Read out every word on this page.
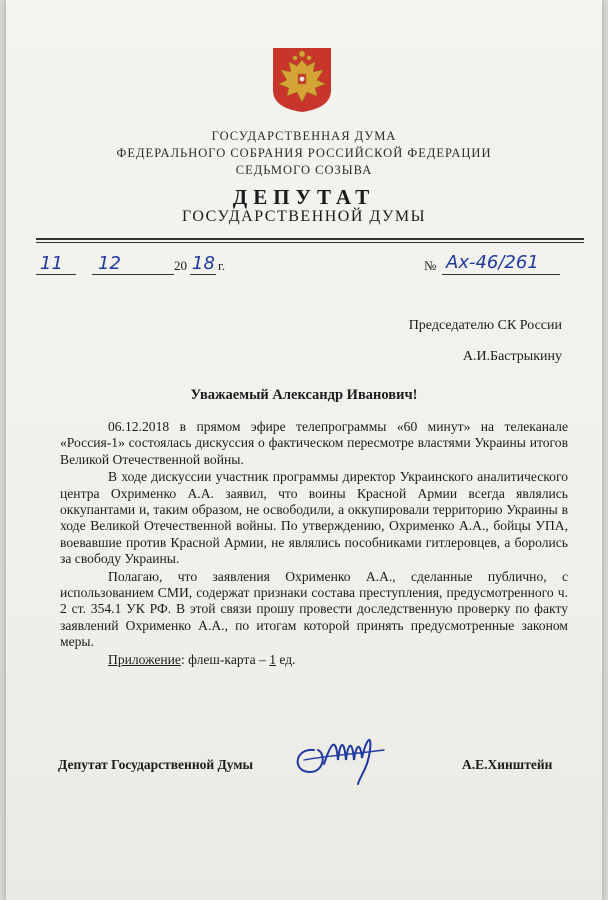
ГОСУДАРСТВЕННАЯ ДУМА
ФЕДЕРАЛЬНОГО СОБРАНИЯ РОССИЙСКОЙ ФЕДЕРАЦИИ
СЕДЬМОГО СОЗЫВА
ДЕПУТАТ
ГОСУДАРСТВЕННОЙ ДУМЫ
11 12	20 18 г.	№ Ах-46/261
Председателю СК России
А.И.Бастрыкину
Уважаемый Александр Иванович!

06.12.2018 в прямом эфире телепрограммы «60 минут» на телеканале «Россия-1» состоялась дискуссия о фактическом пересмотре властями Украины итогов Великой Отечественной войны.

В ходе дискуссии участник программы директор Украинского аналитического центра Охрименко А.А. заявил, что воины Красной Армии всегда являлись оккупантами и, таким образом, не освободили, а оккупировали территорию Украины в ходе Великой Отечественной войны. По утверждению, Охрименко А.А., бойцы УПА, воевавшие против Красной Армии, не являлись пособниками гитлеровцев, а боролись за свободу Украины.

Полагаю, что заявления Охрименко А.А., сделанные публично, с использованием СМИ, содержат признаки состава преступления, предусмотренного ч. 2 ст. 354.1 УК РФ. В этой связи прошу провести доследственную проверку по факту заявлений Охрименко А.А., по итогам которой принять предусмотренные законом меры.

Приложение: флеш-карта – 1 ед.
Депутат Государственной Думы	А.Е.Хинштейн
